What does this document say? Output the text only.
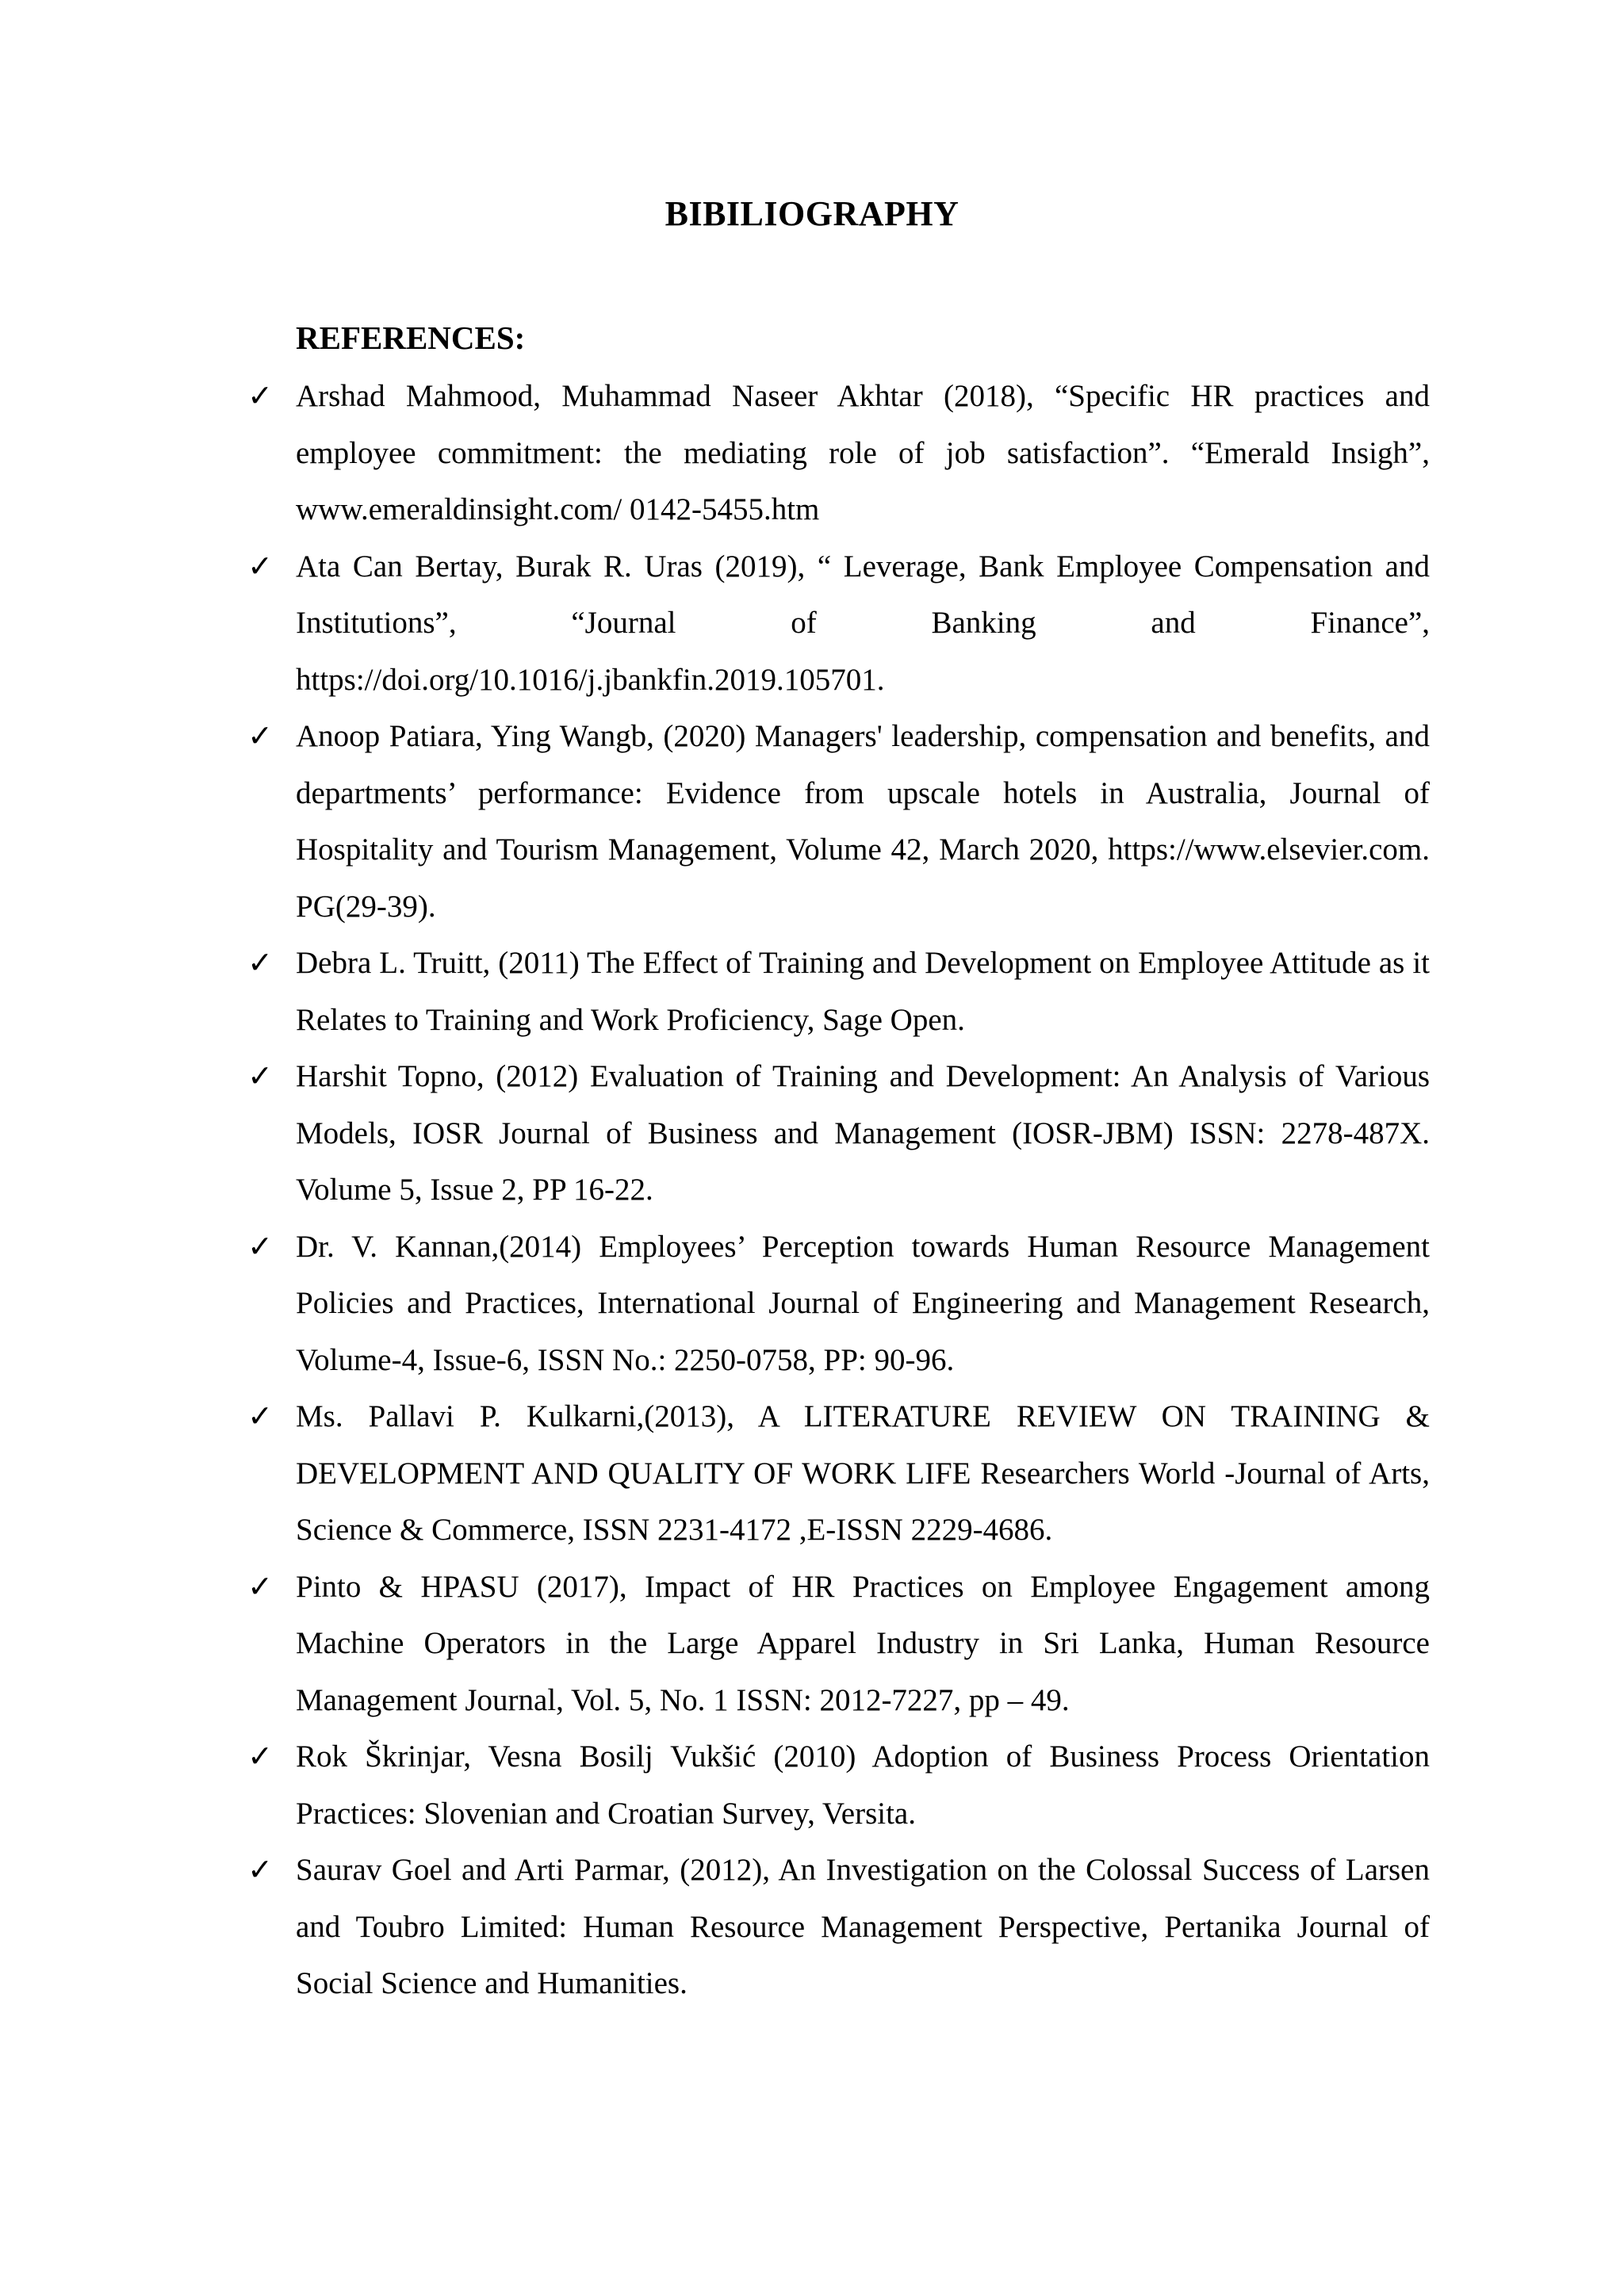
BIBILIOGRAPHY
REFERENCES:
✓ Arshad Mahmood, Muhammad Naseer Akhtar (2018), “Specific HR practices and employee commitment: the mediating role of job satisfaction”. “Emerald Insigh”, www.emeraldinsight.com/ 0142-5455.htm
✓ Ata Can Bertay, Burak R. Uras (2019), “ Leverage, Bank Employee Compensation and Institutions”, “Journal of Banking and Finance”, https://doi.org/10.1016/j.jbankfin.2019.105701.
✓ Anoop Patiara, Ying Wangb, (2020) Managers' leadership, compensation and benefits, and departments’ performance: Evidence from upscale hotels in Australia, Journal of Hospitality and Tourism Management, Volume 42, March 2020, https://www.elsevier.com. PG(29-39).
✓ Debra L. Truitt, (2011) The Effect of Training and Development on Employee Attitude as it Relates to Training and Work Proficiency, Sage Open.
✓ Harshit Topno, (2012) Evaluation of Training and Development: An Analysis of Various Models, IOSR Journal of Business and Management (IOSR-JBM) ISSN: 2278-487X. Volume 5, Issue 2, PP 16-22.
✓ Dr. V. Kannan,(2014) Employees’ Perception towards Human Resource Management Policies and Practices, International Journal of Engineering and Management Research, Volume-4, Issue-6, ISSN No.: 2250-0758, PP: 90-96.
✓ Ms. Pallavi P. Kulkarni,(2013), A LITERATURE REVIEW ON TRAINING & DEVELOPMENT AND QUALITY OF WORK LIFE Researchers World -Journal of Arts, Science & Commerce, ISSN 2231-4172 ,E-ISSN 2229-4686.
✓ Pinto & HPASU (2017), Impact of HR Practices on Employee Engagement among Machine Operators in the Large Apparel Industry in Sri Lanka, Human Resource Management Journal, Vol. 5, No. 1 ISSN: 2012-7227, pp – 49.
✓ Rok Škrinjar, Vesna Bosilj Vukšić (2010) Adoption of Business Process Orientation Practices: Slovenian and Croatian Survey, Versita.
✓ Saurav Goel and Arti Parmar, (2012), An Investigation on the Colossal Success of Larsen and Toubro Limited: Human Resource Management Perspective, Pertanika Journal of Social Science and Humanities.
